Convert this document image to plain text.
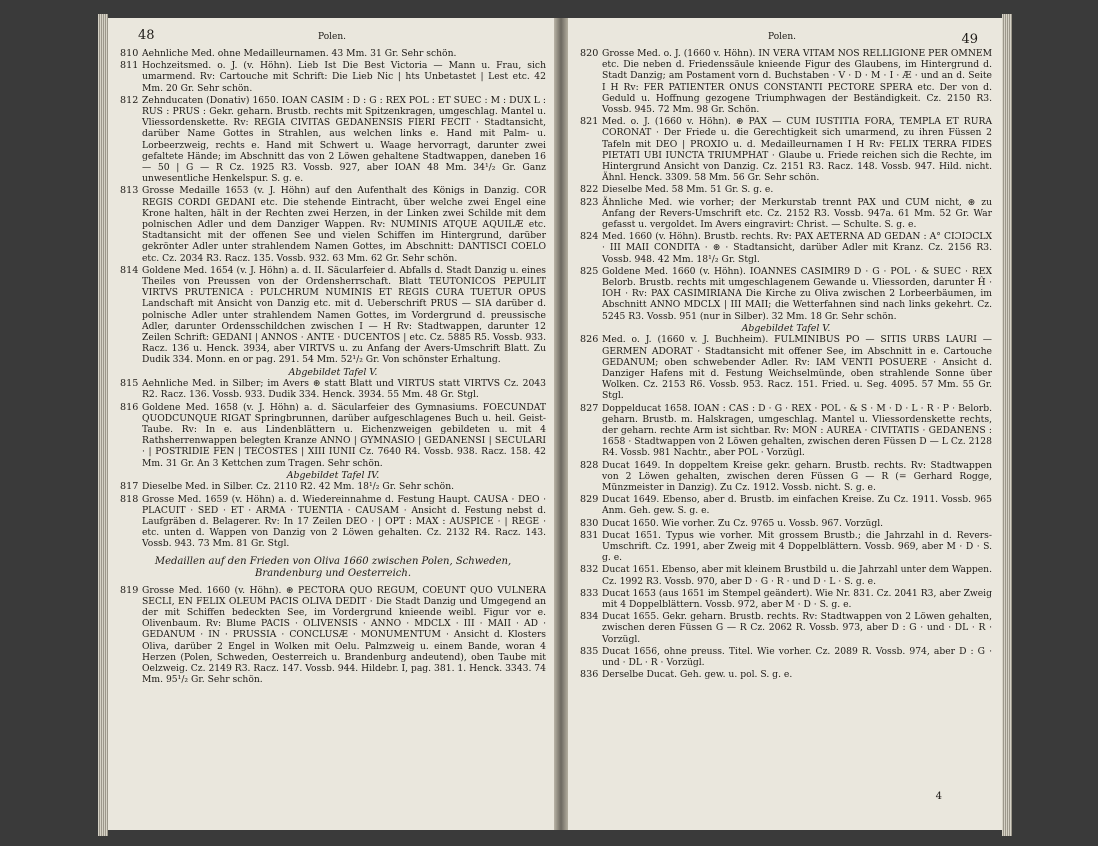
48	Polen.
810 Aehnliche Med. ohne Medailleurnamen. 43 Mm. 31 Gr. Sehr schön.
811 Hochzeitsmed. o. J. (v. Höhn). Lieb Ist Die Best Victoria — Mann u. Frau, sich umarmend. Rv: Cartouche mit Schrift: Die Lieb Nic | hts Unbetastet | Lest etc. 42 Mm. 20 Gr. Sehr schön.
812 Zehnducaten (Donativ) 1650. IOAN CASIM : D : G : REX POL : ET SUEC : M : DUX L : RUS : PRUS : Gekr. geharn. Brustb. rechts mit Spitzenkragen, umgeschlag. Mantel u. Vliessordenskette. Rv: REGIA CIVITAS GEDANENSIS FIERI FECIT · Stadtansicht, darüber Name Gottes in Strahlen, aus welchen links e. Hand mit Palm- u. Lorbeerzweig, rechts e. Hand mit Schwert u. Waage hervorragt, darunter zwei gefaltete Hände; im Abschnitt das von 2 Löwen gehaltene Stadtwappen, daneben 16 — 50 | G — R Cz. 1925 R3. Vossb. 927, aber IOAN 48 Mm. 34¹/₂ Gr. Ganz unwesentliche Henkelspur. S. g. e.
813 Grosse Medaille 1653 (v. J. Höhn) auf den Aufenthalt des Königs in Danzig. COR REGIS CORDI GEDANI etc. Die stehende Eintracht, über welche zwei Engel eine Krone halten, hält in der Rechten zwei Herzen, in der Linken zwei Schilde mit dem polnischen Adler und dem Danziger Wappen. Rv: NUMINIS ATQUE AQUILÆ etc. Stadtansicht mit der offenen See und vielen Schiffen im Hintergrund, darüber gekrönter Adler unter strahlendem Namen Gottes, im Abschnitt: DANTISCI COELO etc. Cz. 2034 R3. Racz. 135. Vossb. 932. 63 Mm. 62 Gr. Sehr schön.
814 Goldene Med. 1654 (v. J. Höhn) a. d. II. Säcularfeier d. Abfalls d. Stadt Danzig u. eines Theiles von Preussen von der Ordensherrschaft. Blatt TEUTONICOS PEPULIT VIRTVS PRUTENICA : PULCHRUM NUMINIS ET REGIS CURA TUETUR OPUS Landschaft mit Ansicht von Danzig etc. mit d. Ueberschrift PRUS — SIA darüber d. polnische Adler unter strahlendem Namen Gottes, im Vordergrund d. preussische Adler, darunter Ordensschildchen zwischen I — H Rv: Stadtwappen, darunter 12 Zeilen Schrift: GEDANI | ANNOS · ANTE · DUCENTOS | etc. Cz. 5885 R5. Vossb. 933. Racz. 136 u. Henck. 3934, aber VIRTVS u. zu Anfang der Avers-Umschrift Blatt. Zu Dudik 334. Monn. en or pag. 291. 54 Mm. 52¹/₂ Gr. Von schönster Erhaltung.
Abgebildet Tafel V.
815 Aehnliche Med. in Silber; im Avers ⊛ statt Blatt und VIRTUS statt VIRTVS Cz. 2043 R2. Racz. 136. Vossb. 933. Dudik 334. Henck. 3934. 55 Mm. 48 Gr. Stgl.
816 Goldene Med. 1658 (v. J. Höhn) a. d. Säcularfeier des Gymnasiums. FOECUNDAT QUODCUNQUE RIGAT Springbrunnen, darüber aufgeschlagenes Buch u. heil. Geist-Taube. Rv: In e. aus Lindenblättern u. Eichenzweigen gebildeten u. mit 4 Rathsherrenwappen belegten Kranze ANNO | GYMNASIO | GEDANENSI | SECULARI · | POSTRIDIE FEN | TECOSTES | XIII IUNII Cz. 7640 R4. Vossb. 938. Racz. 158. 42 Mm. 31 Gr. An 3 Kettchen zum Tragen. Sehr schön.
Abgebildet Tafel IV.
817 Dieselbe Med. in Silber. Cz. 2110 R2. 42 Mm. 18¹/₂ Gr. Sehr schön.
818 Grosse Med. 1659 (v. Höhn) a. d. Wiedereinnahme d. Festung Haupt. CAUSA · DEO · PLACUIT · SED · ET · ARMA · TUENTIA · CAUSAM · Ansicht d. Festung nebst d. Laufgräben d. Belagerer. Rv: In 17 Zeilen DEO · | OPT : MAX : AUSPICE · | REGE · etc. unten d. Wappen von Danzig von 2 Löwen gehalten. Cz. 2132 R4. Racz. 143. Vossb. 943. 73 Mm. 81 Gr. Stgl.
Medaillen auf den Frieden von Oliva 1660 zwischen Polen, Schweden, Brandenburg und Oesterreich.
819 Grosse Med. 1660 (v. Höhn). ⊛ PECTORA QUO REGUM, COEUNT QUO VULNERA SECLI, EN FELIX OLEUM PACIS OLIVA DEDIT · Die Stadt Danzig und Umgegend an der mit Schiffen bedeckten See, im Vordergrund knieende weibl. Figur vor e. Olivenbaum. Rv: Blume PACIS · OLIVENSIS · ANNO · MDCLX · III · MAII · AD · GEDANUM · IN · PRUSSIA · CONCLUSÆ · MONUMENTUM · Ansicht d. Klosters Oliva, darüber 2 Engel in Wolken mit Oelu. Palmzweig u. einem Bande, woran 4 Herzen (Polen, Schweden, Oesterreich u. Brandenburg andeutend), oben Taube mit Oelzweig. Cz. 2149 R3. Racz. 147. Vossb. 944. Hildebr. I, pag. 381. 1. Henck. 3343. 74 Mm. 95¹/₂ Gr. Sehr schön.
Polen.	49
820 Grosse Med. o. J. (1660 v. Höhn). IN VERA VITAM NOS RELLIGIONE PER OMNEM etc. Die neben d. Friedenssäule knieende Figur des Glaubens, im Hintergrund d. Stadt Danzig; am Postament vorn d. Buchstaben · V · D · M · I · Æ · und an d. Seite I H Rv: FER PATIENTER ONUS CONSTANTI PECTORE SPERA etc. Der von d. Geduld u. Hoffnung gezogene Triumphwagen der Beständigkeit. Cz. 2150 R3. Vossb. 945. 72 Mm. 98 Gr. Schön.
821 Med. o. J. (1660 v. Höhn). ⊛ PAX — CUM IUSTITIA FORA, TEMPLA ET RURA CORONAT · Der Friede u. die Gerechtigkeit sich umarmend, zu ihren Füssen 2 Tafeln mit DEO | PROXIO u. d. Medailleurnamen I H Rv: FELIX TERRA FIDES PIETATI UBI IUNCTA TRIUMPHAT · Glaube u. Friede reichen sich die Rechte, im Hintergrund Ansicht von Danzig. Cz. 2151 R3. Racz. 148. Vossb. 947. Hild. nicht. Ähnl. Henck. 3309. 58 Mm. 56 Gr. Sehr schön.
822 Dieselbe Med. 58 Mm. 51 Gr. S. g. e.
823 Ähnliche Med. wie vorher; der Merkurstab trennt PAX und CUM nicht, ⊛ zu Anfang der Revers-Umschrift etc. Cz. 2152 R3. Vossb. 947a. 61 Mm. 52 Gr. War gefasst u. vergoldet. Im Avers eingravirt: Christ. — Schulte. S. g. e.
824 Med. 1660 (v. Höhn). Brustb. rechts. Rv: PAX AETERNA AD GEDAN : A° CIƆIƆCLX · III MAII CONDITA · ⊛ · Stadtansicht, darüber Adler mit Kranz. Cz. 2156 R3. Vossb. 948. 42 Mm. 18¹/₂ Gr. Stgl.
825 Goldene Med. 1660 (v. Höhn). IOANNES CASIMIR9 D · G · POL · & SUEC · REX Belorb. Brustb. rechts mit umgeschlagenem Gewande u. Vliessorden, darunter Ĥ · IOH · Rv: PAX CASIMIRIANA Die Kirche zu Oliva zwischen 2 Lorbeerbäumen, im Abschnitt ANNO MDCLX | III MAII; die Wetterfahnen sind nach links gekehrt. Cz. 5245 R3. Vossb. 951 (nur in Silber). 32 Mm. 18 Gr. Sehr schön.
Abgebildet Tafel V.
826 Med. o. J. (1660 v. J. Buchheim). FULMINIBUS PO — SITIS URBS LAURI — GERMEN ADORAT · Stadtansicht mit offener See, im Abschnitt in e. Cartouche GEDANUM; oben schwebender Adler. Rv: IAM VENTI POSUERE · Ansicht d. Danziger Hafens mit d. Festung Weichselmünde, oben strahlende Sonne über Wolken. Cz. 2153 R6. Vossb. 953. Racz. 151. Fried. u. Seg. 4095. 57 Mm. 55 Gr. Stgl.
827 Doppelducat 1658. IOAN : CAS : D · G · REX · POL · & S · M · D · L · R · P · Belorb. geharn. Brustb. m. Halskragen, umgeschlag. Mantel u. Vliessordenskette rechts, der geharn. rechte Arm ist sichtbar. Rv: MON : AUREA · CIVITATIS · GEDANENS : 1658 · Stadtwappen von 2 Löwen gehalten, zwischen deren Füssen D — L Cz. 2128 R4. Vossb. 981 Nachtr., aber POL · Vorzügl.
828 Ducat 1649. In doppeltem Kreise gekr. geharn. Brustb. rechts. Rv: Stadtwappen von 2 Löwen gehalten, zwischen deren Füssen G — R (= Gerhard Rogge, Münzmeister in Danzig). Zu Cz. 1912. Vossb. nicht. S. g. e.
829 Ducat 1649. Ebenso, aber d. Brustb. im einfachen Kreise. Zu Cz. 1911. Vossb. 965 Anm. Geh. gew. S. g. e.
830 Ducat 1650. Wie vorher. Zu Cz. 9765 u. Vossb. 967. Vorzügl.
831 Ducat 1651. Typus wie vorher. Mit grossem Brustb.; die Jahrzahl in d. Revers-Umschrift. Cz. 1991, aber Zweig mit 4 Doppelblättern. Vossb. 969, aber M · D · S. g. e.
832 Ducat 1651. Ebenso, aber mit kleinem Brustbild u. die Jahrzahl unter dem Wappen. Cz. 1992 R3. Vossb. 970, aber D · G · R · und D · L · S. g. e.
833 Ducat 1653 (aus 1651 im Stempel geändert). Wie Nr. 831. Cz. 2041 R3, aber Zweig mit 4 Doppelblättern. Vossb. 972, aber M · D · S. g. e.
834 Ducat 1655. Gekr. geharn. Brustb. rechts. Rv: Stadtwappen von 2 Löwen gehalten, zwischen deren Füssen G — R Cz. 2062 R. Vossb. 973, aber D : G · und · DL · R · Vorzügl.
835 Ducat 1656, ohne preuss. Titel. Wie vorher. Cz. 2089 R. Vossb. 974, aber D : G · und · DL · R · Vorzügl.
836 Derselbe Ducat. Geh. gew. u. pol. S. g. e.
4
